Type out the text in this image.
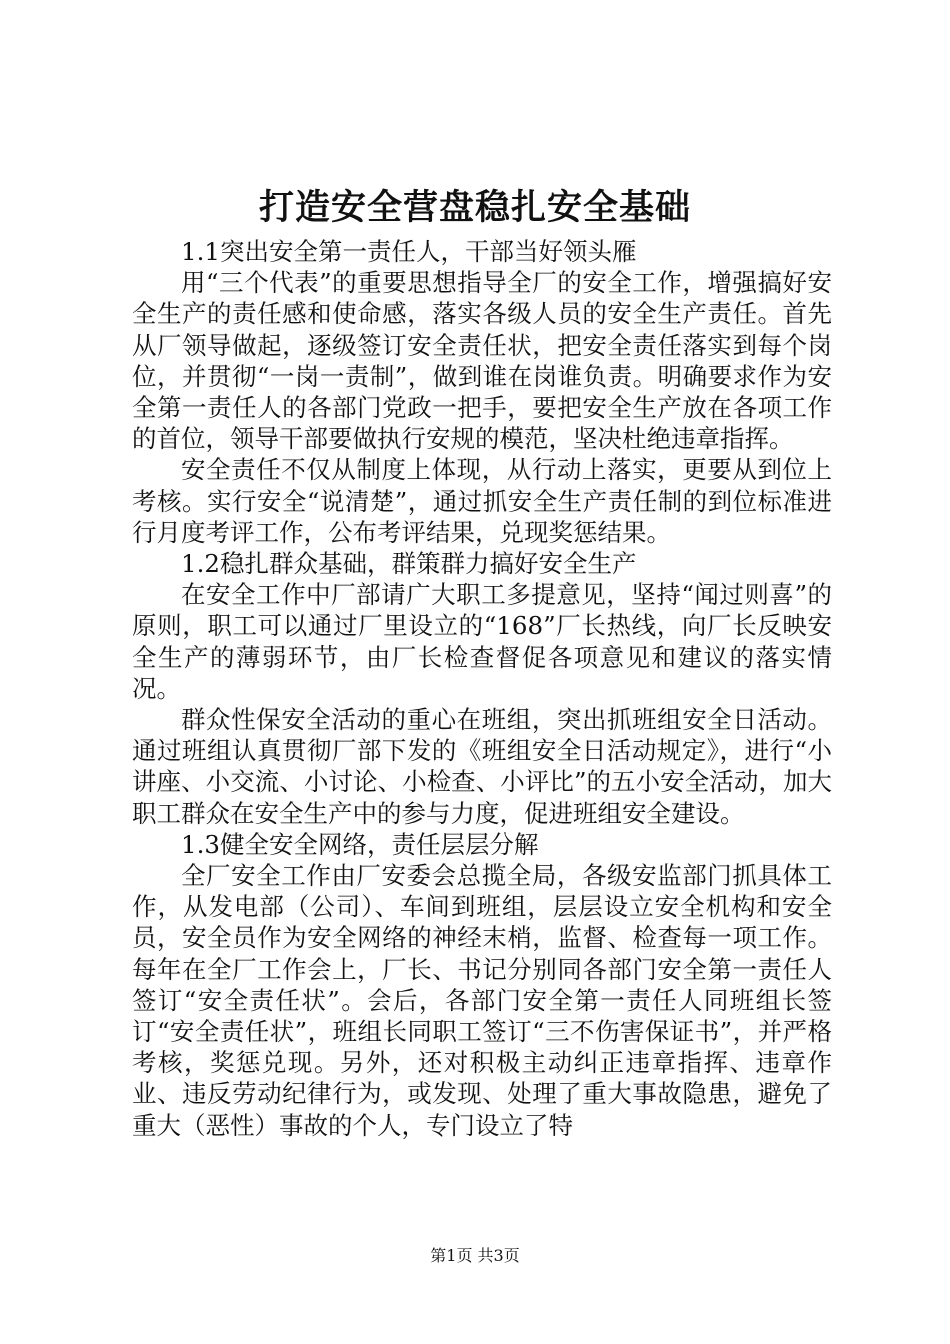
打造安全营盘稳扎安全基础

1.1突出安全第一责任人，干部当好领头雁

用“三个代表”的重要思想指导全厂的安全工作，增强搞好安全生产的责任感和使命感，落实各级人员的安全生产责任。首先从厂领导做起，逐级签订安全责任状，把安全责任落实到每个岗位，并贯彻“一岗一责制”，做到谁在岗谁负责。明确要求作为安全第一责任人的各部门党政一把手，要把安全生产放在各项工作的首位，领导干部要做执行安规的模范，坚决杜绝违章指挥。

安全责任不仅从制度上体现，从行动上落实，更要从到位上考核。实行安全“说清楚”，通过抓安全生产责任制的到位标准进行月度考评工作，公布考评结果，兑现奖惩结果。

1.2稳扎群众基础，群策群力搞好安全生产

在安全工作中厂部请广大职工多提意见，坚持“闻过则喜”的原则，职工可以通过厂里设立的“168”厂长热线，向厂长反映安全生产的薄弱环节，由厂长检查督促各项意见和建议的落实情况。

群众性保安全活动的重心在班组，突出抓班组安全日活动。通过班组认真贯彻厂部下发的《班组安全日活动规定》，进行“小讲座、小交流、小讨论、小检查、小评比”的五小安全活动，加大职工群众在安全生产中的参与力度，促进班组安全建设。

1.3健全安全网络，责任层层分解

全厂安全工作由厂安委会总揽全局，各级安监部门抓具体工作，从发电部（公司）、车间到班组，层层设立安全机构和安全员，安全员作为安全网络的神经末梢，监督、检查每一项工作。每年在全厂工作会上，厂长、书记分别同各部门安全第一责任人签订“安全责任状”。会后，各部门安全第一责任人同班组长签订“安全责任状”，班组长同职工签订“三不伤害保证书”，并严格考核，奖惩兑现。另外，还对积极主动纠正违章指挥、违章作业、违反劳动纪律行为，或发现、处理了重大事故隐患，避免了重大（恶性）事故的个人，专门设立了特

第1页 共3页
